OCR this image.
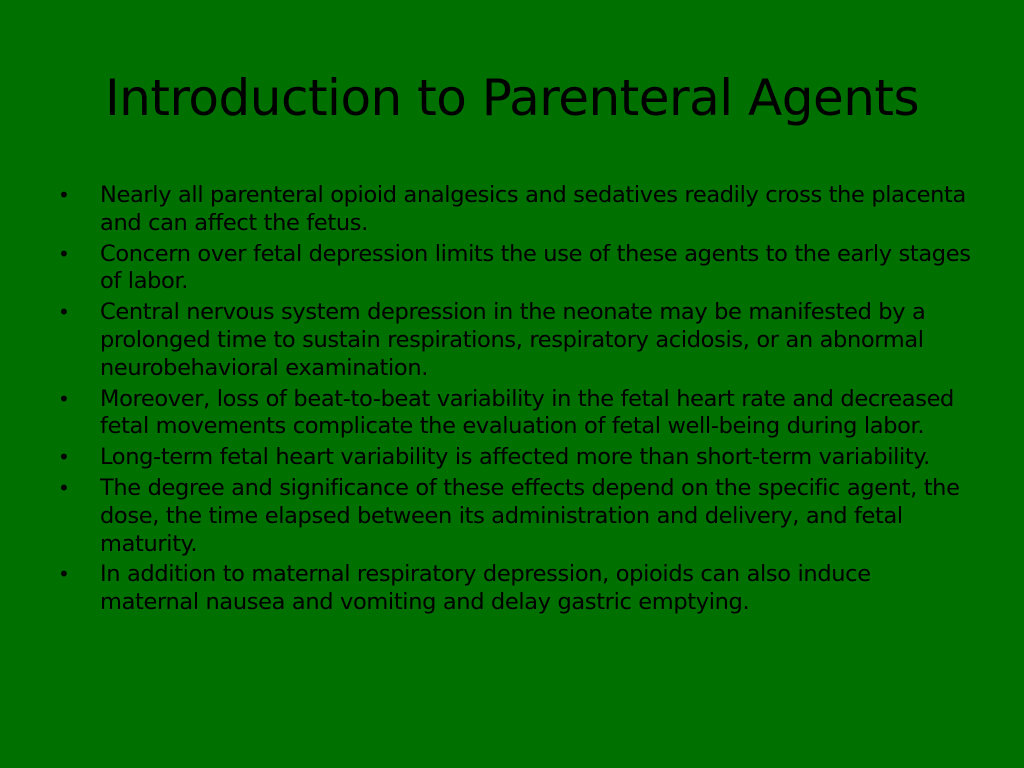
Introduction to Parenteral Agents
• Nearly all parenteral opioid analgesics and sedatives readily cross the placenta and can affect the fetus.
• Concern over fetal depression limits the use of these agents to the early stages of labor.
• Central nervous system depression in the neonate may be manifested by a prolonged time to sustain respirations, respiratory acidosis, or an abnormal neurobehavioral examination.
• Moreover, loss of beat-to-beat variability in the fetal heart rate and decreased fetal movements complicate the evaluation of fetal well-being during labor.
• Long-term fetal heart variability is affected more than short-term variability.
• The degree and significance of these effects depend on the specific agent, the dose, the time elapsed between its administration and delivery, and fetal maturity.
• In addition to maternal respiratory depression, opioids can also induce maternal nausea and vomiting and delay gastric emptying.
